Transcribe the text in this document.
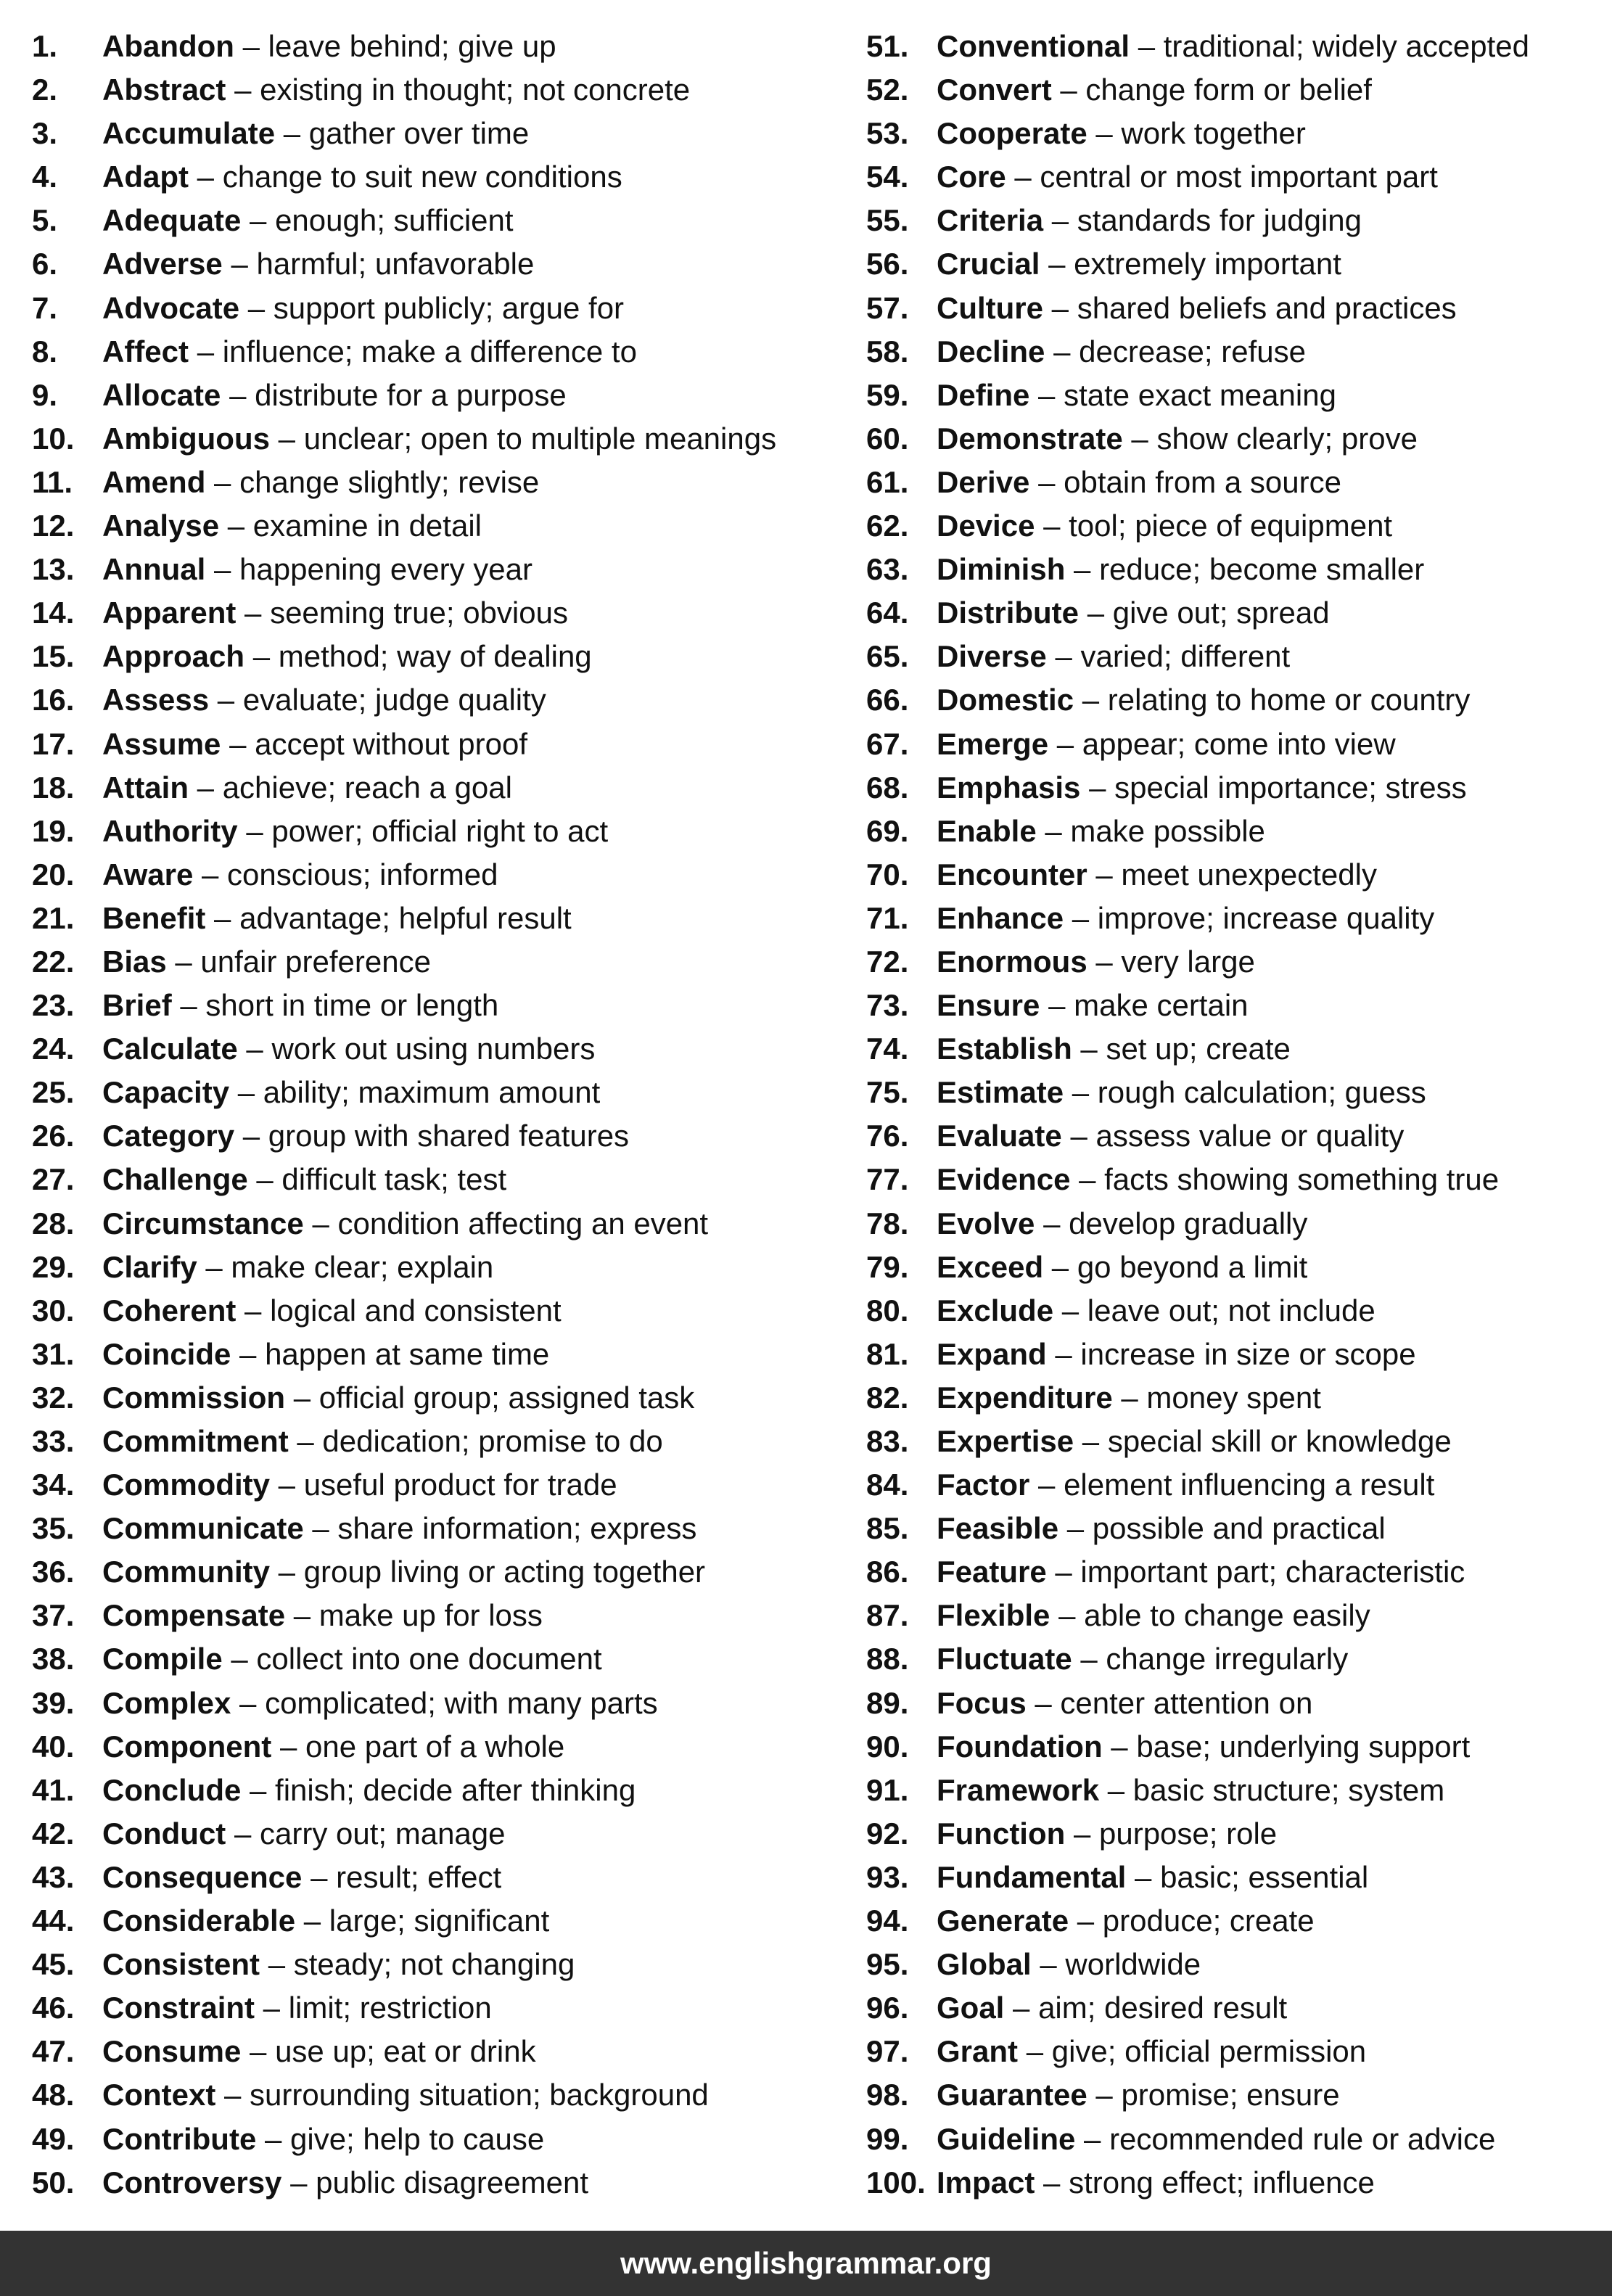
1. Abandon – leave behind; give up
2. Abstract – existing in thought; not concrete
3. Accumulate – gather over time
4. Adapt – change to suit new conditions
5. Adequate – enough; sufficient
6. Adverse – harmful; unfavorable
7. Advocate – support publicly; argue for
8. Affect – influence; make a difference to
9. Allocate – distribute for a purpose
10. Ambiguous – unclear; open to multiple meanings
11. Amend – change slightly; revise
12. Analyse – examine in detail
13. Annual – happening every year
14. Apparent – seeming true; obvious
15. Approach – method; way of dealing
16. Assess – evaluate; judge quality
17. Assume – accept without proof
18. Attain – achieve; reach a goal
19. Authority – power; official right to act
20. Aware – conscious; informed
21. Benefit – advantage; helpful result
22. Bias – unfair preference
23. Brief – short in time or length
24. Calculate – work out using numbers
25. Capacity – ability; maximum amount
26. Category – group with shared features
27. Challenge – difficult task; test
28. Circumstance – condition affecting an event
29. Clarify – make clear; explain
30. Coherent – logical and consistent
31. Coincide – happen at same time
32. Commission – official group; assigned task
33. Commitment – dedication; promise to do
34. Commodity – useful product for trade
35. Communicate – share information; express
36. Community – group living or acting together
37. Compensate – make up for loss
38. Compile – collect into one document
39. Complex – complicated; with many parts
40. Component – one part of a whole
41. Conclude – finish; decide after thinking
42. Conduct – carry out; manage
43. Consequence – result; effect
44. Considerable – large; significant
45. Consistent – steady; not changing
46. Constraint – limit; restriction
47. Consume – use up; eat or drink
48. Context – surrounding situation; background
49. Contribute – give; help to cause
50. Controversy – public disagreement
51. Conventional – traditional; widely accepted
52. Convert – change form or belief
53. Cooperate – work together
54. Core – central or most important part
55. Criteria – standards for judging
56. Crucial – extremely important
57. Culture – shared beliefs and practices
58. Decline – decrease; refuse
59. Define – state exact meaning
60. Demonstrate – show clearly; prove
61. Derive – obtain from a source
62. Device – tool; piece of equipment
63. Diminish – reduce; become smaller
64. Distribute – give out; spread
65. Diverse – varied; different
66. Domestic – relating to home or country
67. Emerge – appear; come into view
68. Emphasis – special importance; stress
69. Enable – make possible
70. Encounter – meet unexpectedly
71. Enhance – improve; increase quality
72. Enormous – very large
73. Ensure – make certain
74. Establish – set up; create
75. Estimate – rough calculation; guess
76. Evaluate – assess value or quality
77. Evidence – facts showing something true
78. Evolve – develop gradually
79. Exceed – go beyond a limit
80. Exclude – leave out; not include
81. Expand – increase in size or scope
82. Expenditure – money spent
83. Expertise – special skill or knowledge
84. Factor – element influencing a result
85. Feasible – possible and practical
86. Feature – important part; characteristic
87. Flexible – able to change easily
88. Fluctuate – change irregularly
89. Focus – center attention on
90. Foundation – base; underlying support
91. Framework – basic structure; system
92. Function – purpose; role
93. Fundamental – basic; essential
94. Generate – produce; create
95. Global – worldwide
96. Goal – aim; desired result
97. Grant – give; official permission
98. Guarantee – promise; ensure
99. Guideline – recommended rule or advice
100. Impact – strong effect; influence
www.englishgrammar.org
